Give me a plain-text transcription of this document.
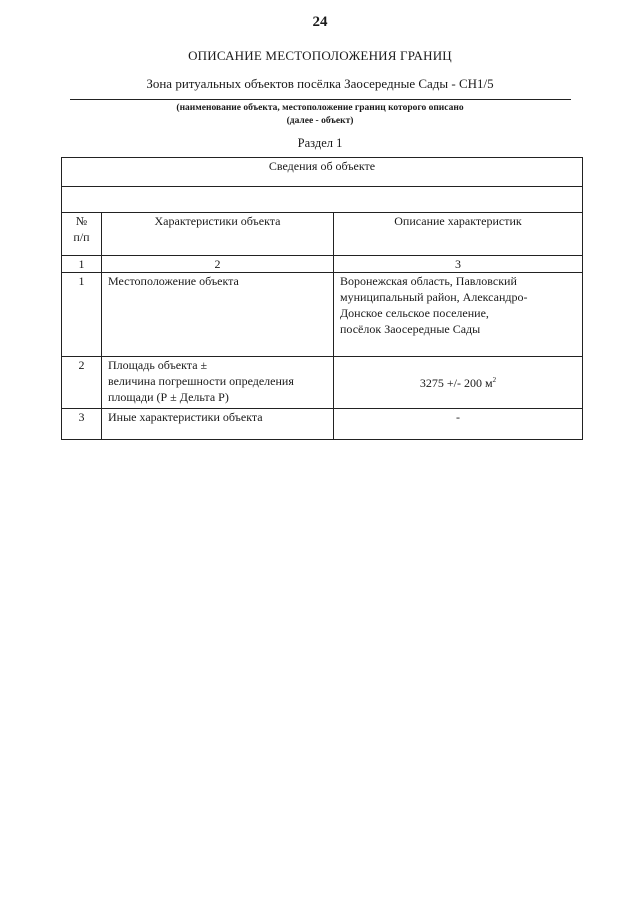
24
ОПИСАНИЕ МЕСТОПОЛОЖЕНИЯ ГРАНИЦ
Зона ритуальных объектов посёлка Заосередные Сады - СН1/5
(наименование объекта, местоположение границ которого описано
(далее - объект)
Раздел 1
Сведения об объекте		

№
п/п	Характеристики объекта	Описание характеристик
1	2	3
1	Местоположение объекта	Воронежская область, Павловский
муниципальный район, Александро-
Донское сельское поселение,
посёлок Заосередные Сады

2	Площадь объекта ±
величина погрешности определения
площади (Р ± Дельта Р)	3275 +/- 200 $м^2$
3	Иные характеристики объекта	-
